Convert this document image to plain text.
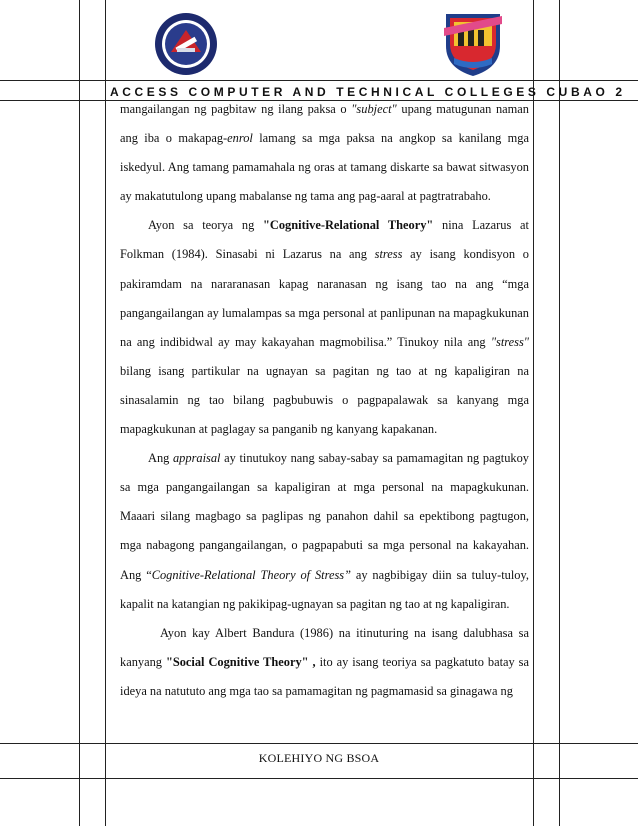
ACCESS COMPUTER AND TECHNICAL COLLEGES CUBAO 2

mangailangan ng pagbitaw ng ilang paksa o "subject" upang matugunan naman ang iba o makapag-enrol lamang sa mga paksa na angkop sa kanilang mga iskedyul. Ang tamang pamamahala ng oras at tamang diskarte sa bawat sitwasyon ay makatutulong upang mabalanse ng tama ang pag-aaral at pagtratrabaho.

Ayon sa teorya ng "Cognitive-Relational Theory" nina Lazarus at Folkman (1984). Sinasabi ni Lazarus na ang stress ay isang kondisyon o pakiramdam na nararanasan kapag naranasan ng isang tao na ang “mga pangangailangan ay lumalampas sa mga personal at panlipunan na mapagkukunan na ang indibidwal ay may kakayahan magmobilisa.” Tinukoy nila ang "stress" bilang isang partikular na ugnayan sa pagitan ng tao at ng kapaligiran na sinasalamin ng tao bilang pagbubuwis o pagpapalawak sa kanyang mga mapagkukunan at paglagay sa panganib ng kanyang kapakanan.

Ang appraisal ay tinutukoy nang sabay-sabay sa pamamagitan ng pagtukoy sa mga pangangailangan sa kapaligiran at mga personal na mapagkukunan. Maaari silang magbago sa paglipas ng panahon dahil sa epektibong pagtugon, mga nabagong pangangailangan, o pagpapabuti sa mga personal na kakayahan. Ang “Cognitive-Relational Theory of Stress” ay nagbibigay diin sa tuluy-tuloy, kapalit na katangian ng pakikipag-ugnayan sa pagitan ng tao at ng kapaligiran.

Ayon kay Albert Bandura (1986) na itinuturing na isang dalubhasa sa kanyang "Social Cognitive Theory" , ito ay isang teoriya sa pagkatuto batay sa ideya na natututo ang mga tao sa pamamagitan ng pagmamasid sa ginagawa ng

KOLEHIYO NG BSOA
